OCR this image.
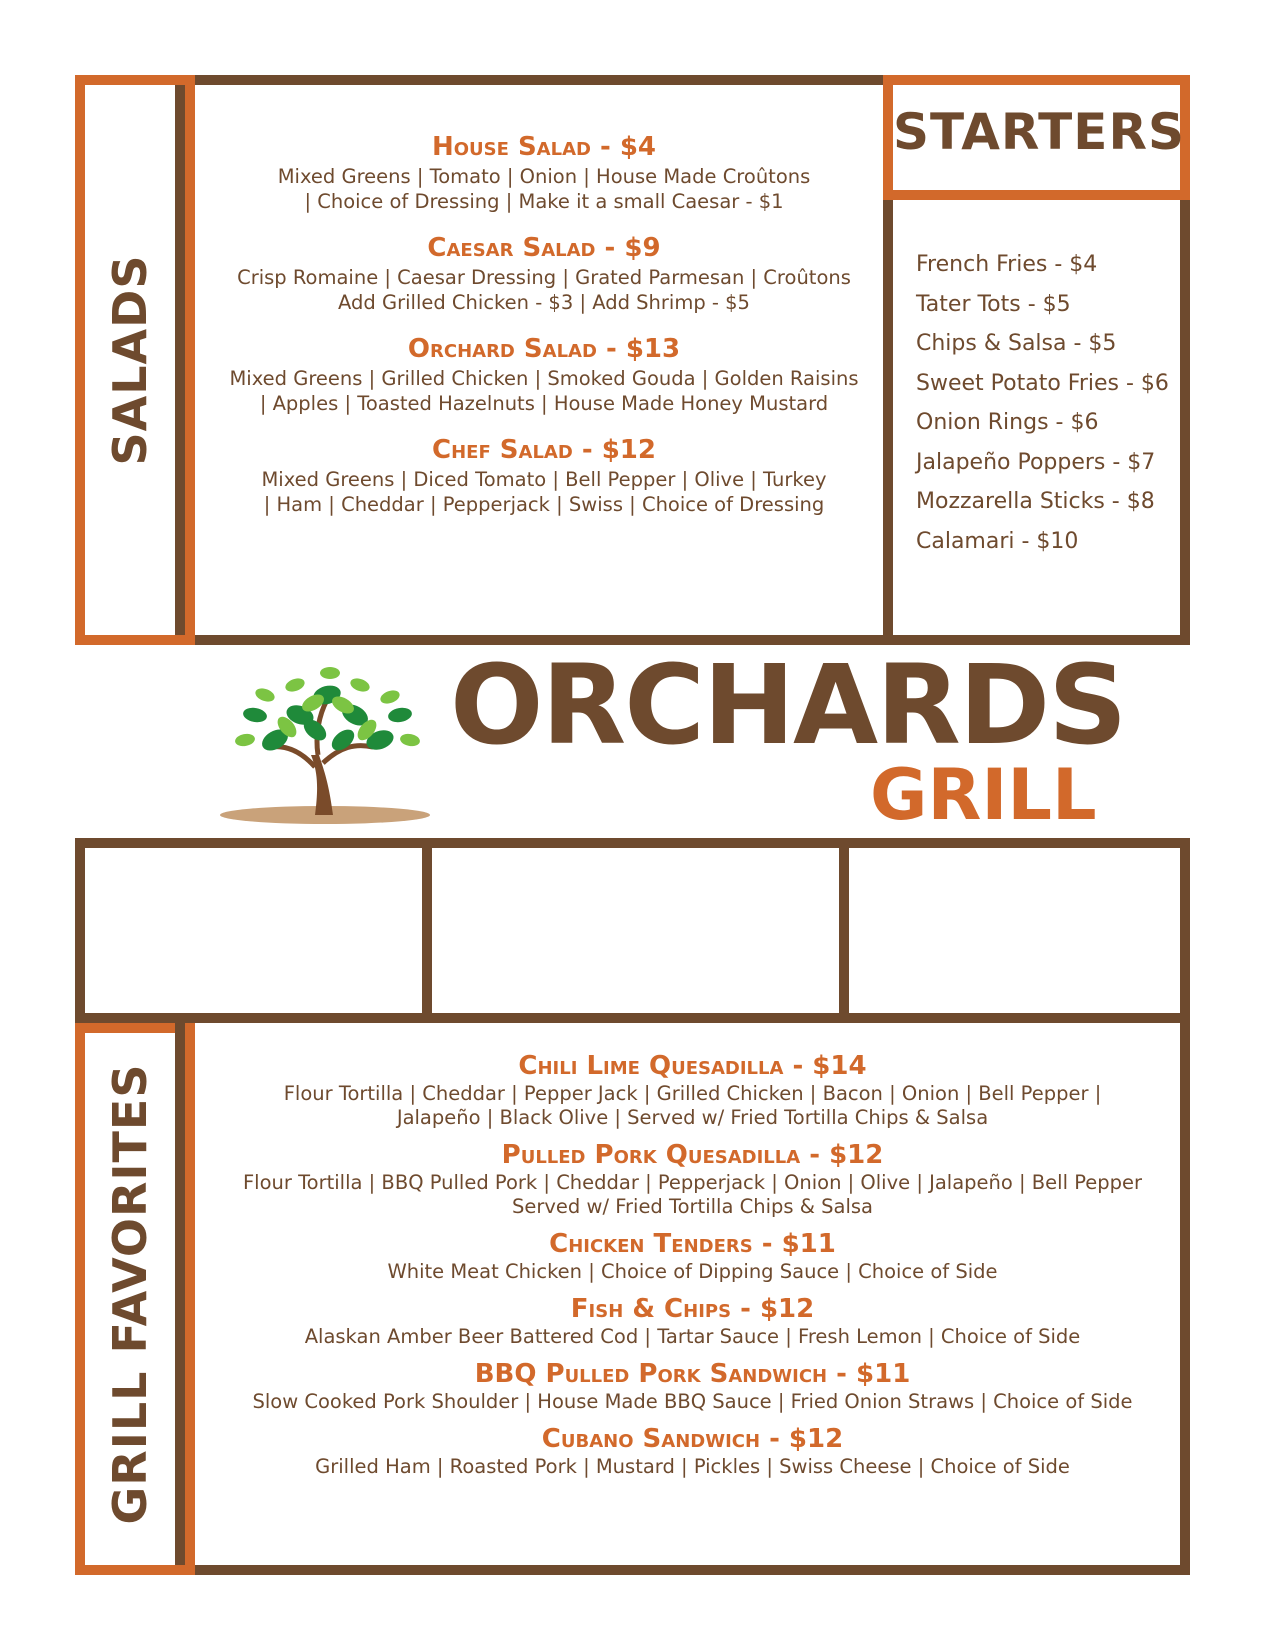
SALADS
STARTERS
French Fries - $4
Tater Tots - $5
Chips & Salsa - $5
Sweet Potato Fries - $6
Onion Rings - $6
Jalapeño Poppers - $7
Mozzarella Sticks - $8
Calamari - $10
House Salad - $4
Mixed Greens | Tomato | Onion | House Made Croûtons
| Choice of Dressing | Make it a small Caesar - $1
Caesar Salad - $9
Crisp Romaine | Caesar Dressing | Grated Parmesan | Croûtons
Add Grilled Chicken - $3 | Add Shrimp - $5
Orchard Salad - $13
Mixed Greens | Grilled Chicken | Smoked Gouda | Golden Raisins
| Apples | Toasted Hazelnuts | House Made Honey Mustard
Chef Salad - $12
Mixed Greens | Diced Tomato | Bell Pepper | Olive | Turkey
| Ham | Cheddar | Pepperjack | Swiss | Choice of Dressing
ORCHARDS
GRILL
GRILL FAVORITES	Chili Lime Quesadilla - $14
Flour Tortilla | Cheddar | Pepper Jack | Grilled Chicken | Bacon | Onion | Bell Pepper |
Jalapeño | Black Olive | Served w/ Fried Tortilla Chips & Salsa
Pulled Pork Quesadilla - $12
Flour Tortilla | BBQ Pulled Pork | Cheddar | Pepperjack | Onion | Olive | Jalapeño | Bell Pepper
Served w/ Fried Tortilla Chips & Salsa
Chicken Tenders - $11
White Meat Chicken | Choice of Dipping Sauce | Choice of Side
Fish & Chips - $12
Alaskan Amber Beer Battered Cod | Tartar Sauce | Fresh Lemon | Choice of Side
BBQ Pulled Pork Sandwich - $11
Slow Cooked Pork Shoulder | House Made BBQ Sauce | Fried Onion Straws | Choice of Side
Cubano Sandwich - $12
Grilled Ham | Roasted Pork | Mustard | Pickles | Swiss Cheese | Choice of Side
